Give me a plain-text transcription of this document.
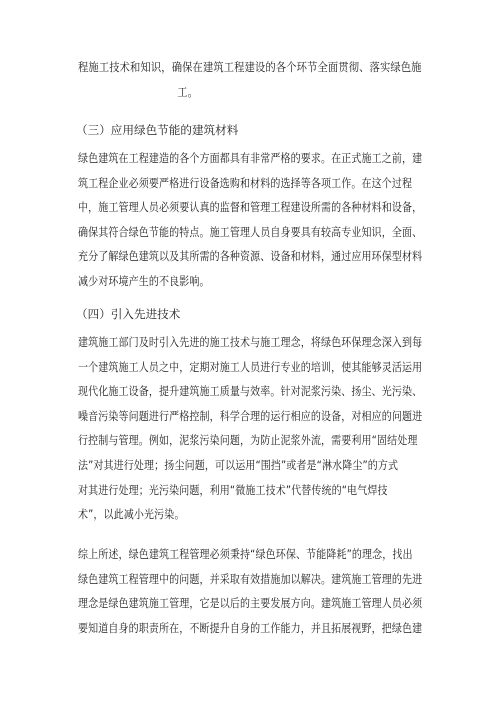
程施工技术和知识，确保在建筑工程建设的各个环节全面贯彻、落实绿色施
工。
（三）应用绿色节能的建筑材料
绿色建筑在工程建造的各个方面都具有非常严格的要求。在正式施工之前，建
筑工程企业必须要严格进行设备选购和材料的选择等各项工作。在这个过程
中，施工管理人员必须要认真的监督和管理工程建设所需的各种材料和设备，
确保其符合绿色节能的特点。施工管理人员自身要具有较高专业知识，全面、
充分了解绿色建筑以及其所需的各种资源、设备和材料，通过应用环保型材料
减少对环境产生的不良影响。
（四）引入先进技术
建筑施工部门及时引入先进的施工技术与施工理念，将绿色环保理念深入到每
一个建筑施工人员之中，定期对施工人员进行专业的培训，使其能够灵活运用
现代化施工设备，提升建筑施工质量与效率。针对泥浆污染、扬尘、光污染、
噪音污染等问题进行严格控制，科学合理的运行相应的设备，对相应的问题进
行控制与管理。例如，泥浆污染问题，为防止泥浆外流，需要利用“固结处理
法”对其进行处理；扬尘问题，可以运用“围挡”或者是“淋水降尘”的方式
对其进行处理；光污染问题，利用“微施工技术”代替传统的“电气焊技
术”，以此减小光污染。
综上所述，绿色建筑工程管理必须秉持“绿色环保、节能降耗”的理念，找出
绿色建筑工程管理中的问题，并采取有效措施加以解决。建筑施工管理的先进
理念是绿色建筑施工管理，它是以后的主要发展方向。建筑施工管理人员必须
要知道自身的职责所在，不断提升自身的工作能力，并且拓展视野，把绿色建
